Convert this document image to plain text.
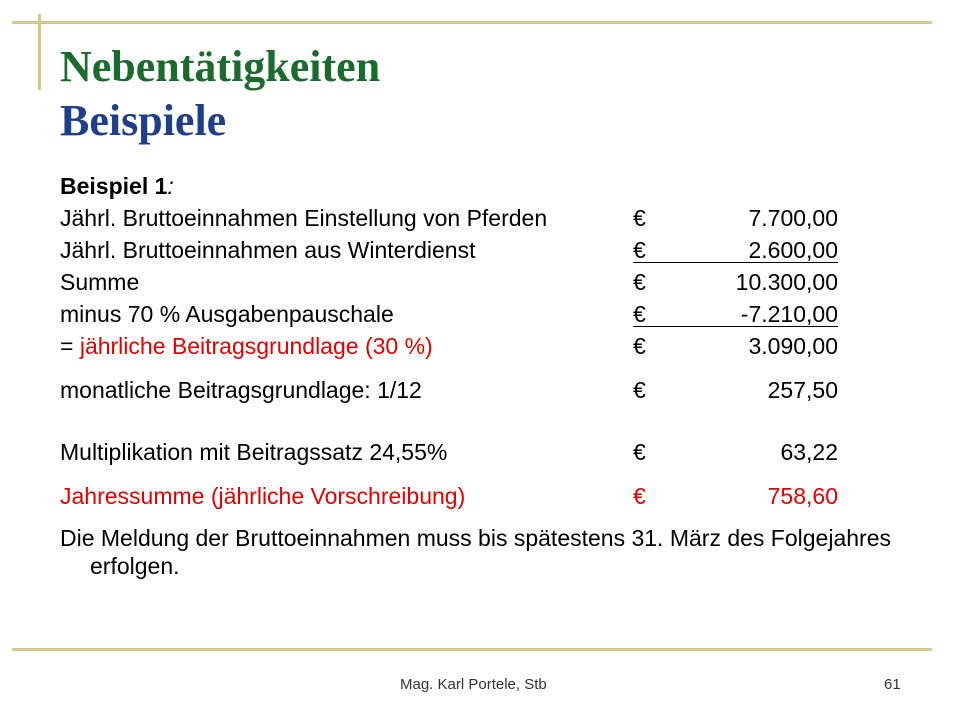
Nebentätigkeiten
Beispiele
Beispiel 1:
Jährl. Bruttoeinnahmen Einstellung von Pferden	€	7.700,00
Jährl. Bruttoeinnahmen aus Winterdienst	€	2.600,00
Summe	€	10.300,00
minus 70 % Ausgabenpauschale	€	-7.210,00
= jährliche Beitragsgrundlage (30 %)	€	3.090,00
monatliche Beitragsgrundlage: 1/12	€	257,50
Multiplikation mit Beitragssatz 24,55%	€	63,22
Jahressumme (jährliche Vorschreibung)	€	758,60
Die Meldung der Bruttoeinnahmen muss bis spätestens 31. März des Folgejahres erfolgen.
Mag. Karl Portele, Stb	61
